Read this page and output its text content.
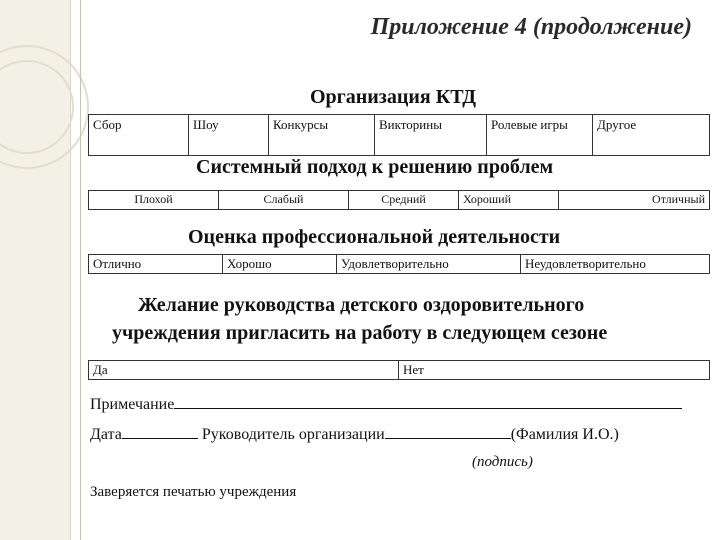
Приложение 4 (продолжение)
Организация КТД
Сбор	Шоу	Конкурсы	Викторины	Ролевые игры	Другое
Системный подход к решению проблем
Плохой	Слабый	Средний	Хороший	Отличный
Оценка профессиональной деятельности
Отлично	Хорошо	Удовлетворительно	Неудовлетворительно
Желание руководства детского оздоровительного
учреждения пригласить на работу в следующем сезоне
Да	Нет
Примечание
Дата	Руководитель организации	(Фамилия И.О.)
(подпись)
Заверяется печатью учреждения
